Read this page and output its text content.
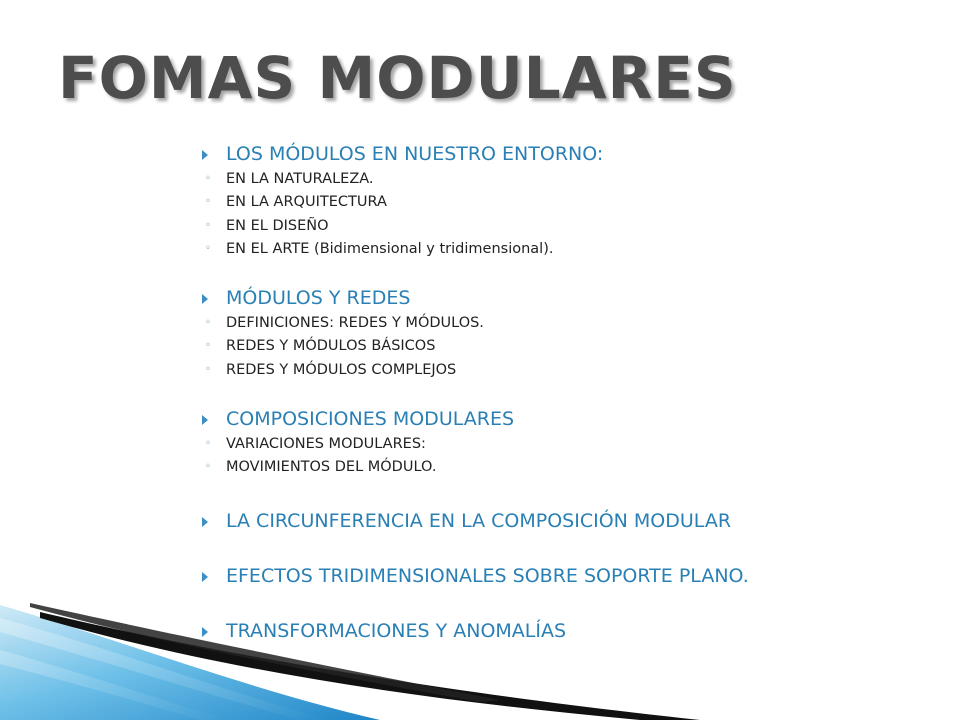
FOMAS MODULARES
LOS MÓDULOS EN NUESTRO ENTORNO:
◦ EN LA NATURALEZA.
◦ EN LA ARQUITECTURA
◦ EN EL DISEÑO
◦ EN EL ARTE (Bidimensional y tridimensional).
MÓDULOS Y REDES
◦ DEFINICIONES: REDES Y MÓDULOS.
◦ REDES Y MÓDULOS BÁSICOS
◦ REDES Y MÓDULOS COMPLEJOS
COMPOSICIONES MODULARES
◦ VARIACIONES MODULARES:
◦ MOVIMIENTOS DEL MÓDULO.
LA CIRCUNFERENCIA EN LA COMPOSICIÓN MODULAR
EFECTOS TRIDIMENSIONALES SOBRE SOPORTE PLANO.
TRANSFORMACIONES Y ANOMALÍAS
